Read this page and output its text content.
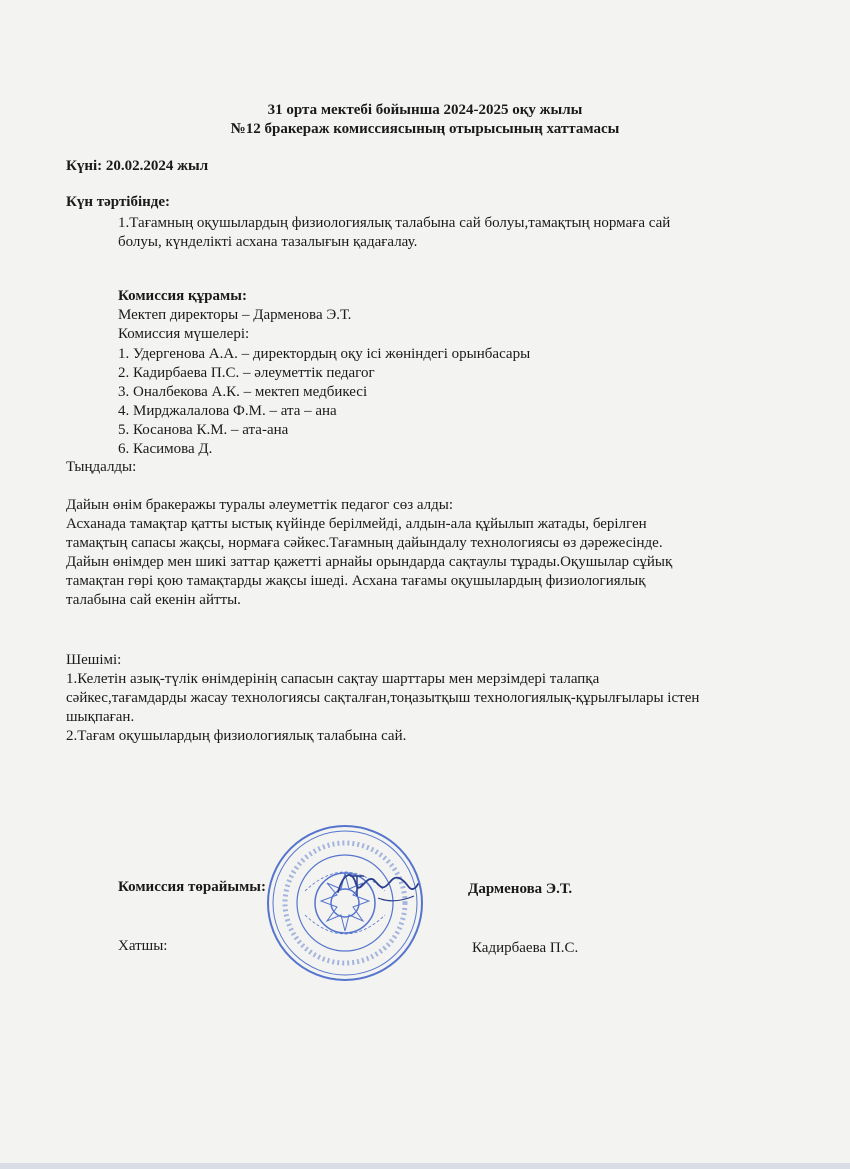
31 орта мектебі бойынша 2024-2025 оқу жылы
№12 бракераж комиссиясының отырысының хаттамасы
Күні: 20.02.2024 жыл
Күн тәртібінде:
1.Тағамның оқушылардың физиологиялық талабына сай болуы,тамақтың нормаға сай
болуы, күнделікті асхана тазалығын қадағалау.
Комиссия құрамы:
Мектеп директоры – Дарменова Э.Т.
Комиссия мүшелері:
1. Удергенова А.А. – директордың оқу ісі жөніндегі орынбасары
2. Кадирбаева П.С. – әлеуметтік педагог
3. Оналбекова А.К. – мектеп медбикесі
4. Мирджалалова Ф.М. – ата – ана
5. Косанова К.М. – ата-ана
6. Касимова Д.
Тыңдалды:
Дайын өнім бракеражы туралы әлеуметтік педагог сөз алды:
Асханада тамақтар қатты ыстық күйінде берілмейді, алдын-ала құйылып жатады, берілген
тамақтың сапасы жақсы, нормаға сәйкес.Тағамның дайындалу технологиясы өз дәрежесінде.
Дайын өнімдер мен шикі заттар қажетті арнайы орындарда сақтаулы тұрады.Оқушылар сұйық
тамақтан гөрі қою тамақтарды жақсы ішеді. Асхана тағамы оқушылардың физиологиялық
талабына сай екенін айтты.
Шешімі:
1.Келетін азық-түлік өнімдерінің сапасын сақтау шарттары мен мерзімдері талапқа
сәйкес,тағамдарды жасау технологиясы сақталған,тоңазытқыш технологиялық-құрылғылары істен
шықпаған.
2.Тағам оқушылардың физиологиялық талабына сай.
Комиссия төрайымы:	Дарменова Э.Т.
Хатшы:	Кадирбаева П.С.
